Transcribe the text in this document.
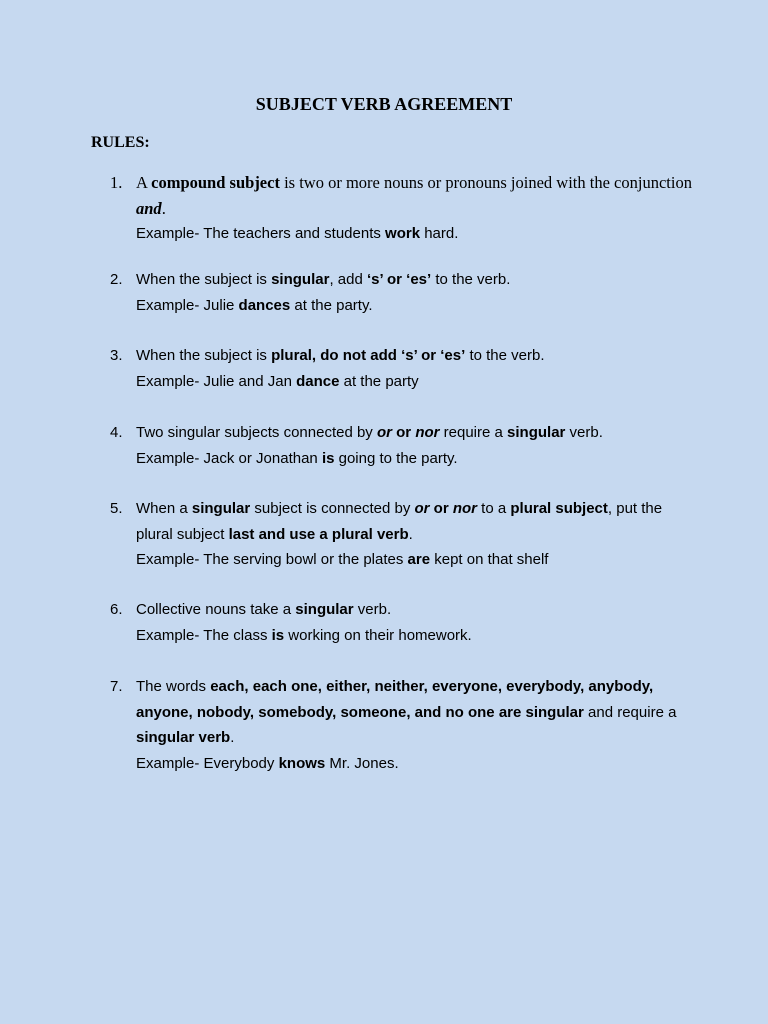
SUBJECT VERB AGREEMENT
RULES:
1. A compound subject is two or more nouns or pronouns joined with the conjunction and.
Example- The teachers and students work hard.
2. When the subject is singular, add ‘s’ or ‘es’ to the verb.
Example- Julie dances at the party.
3. When the subject is plural, do not add ‘s’ or ‘es’ to the verb.
Example- Julie and Jan dance at the party
4. Two singular subjects connected by or or nor require a singular verb.
Example- Jack or Jonathan is going to the party.
5. When a singular subject is connected by or or nor to a plural subject, put the plural subject last and use a plural verb.
Example- The serving bowl or the plates are kept on that shelf
6. Collective nouns take a singular verb.
Example- The class is working on their homework.
7. The words each, each one, either, neither, everyone, everybody, anybody, anyone, nobody, somebody, someone, and no one are singular and require a singular verb.
Example- Everybody knows Mr. Jones.
